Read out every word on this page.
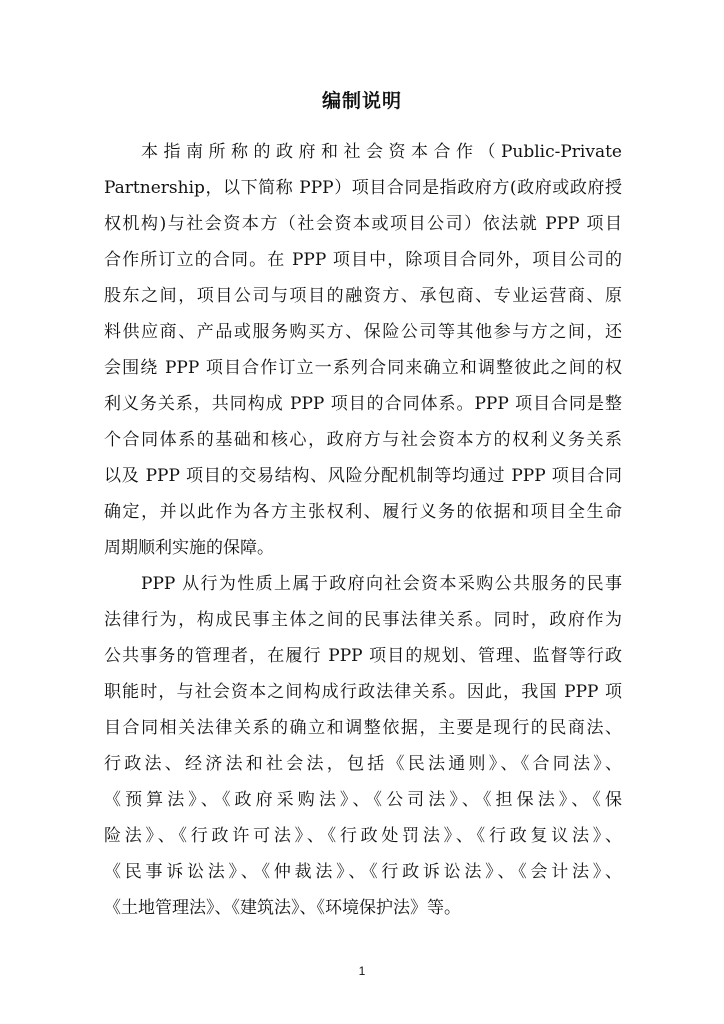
编制说明
本指南所称的政府和社会资本合作（Public-Private
Partnership，以下简称 PPP）项目合同是指政府方(政府或政府授
权机构)与社会资本方（社会资本或项目公司）依法就 PPP 项目
合作所订立的合同。在 PPP 项目中，除项目合同外，项目公司的
股东之间，项目公司与项目的融资方、承包商、专业运营商、原
料供应商、产品或服务购买方、保险公司等其他参与方之间，还
会围绕 PPP 项目合作订立一系列合同来确立和调整彼此之间的权
利义务关系，共同构成 PPP 项目的合同体系。PPP 项目合同是整
个合同体系的基础和核心，政府方与社会资本方的权利义务关系
以及 PPP 项目的交易结构、风险分配机制等均通过 PPP 项目合同
确定，并以此作为各方主张权利、履行义务的依据和项目全生命
周期顺利实施的保障。
PPP 从行为性质上属于政府向社会资本采购公共服务的民事
法律行为，构成民事主体之间的民事法律关系。同时，政府作为
公共事务的管理者，在履行 PPP 项目的规划、管理、监督等行政
职能时，与社会资本之间构成行政法律关系。因此，我国 PPP 项
目合同相关法律关系的确立和调整依据，主要是现行的民商法、
行政法、经济法和社会法，包括《民法通则》、《合同法》、
《预算法》、《政府采购法》、《公司法》、《担保法》、《保
险法》、《行政许可法》、《行政处罚法》、《行政复议法》、
《民事诉讼法》、《仲裁法》、《行政诉讼法》、《会计法》、
《土地管理法》、《建筑法》、《环境保护法》等。
1
